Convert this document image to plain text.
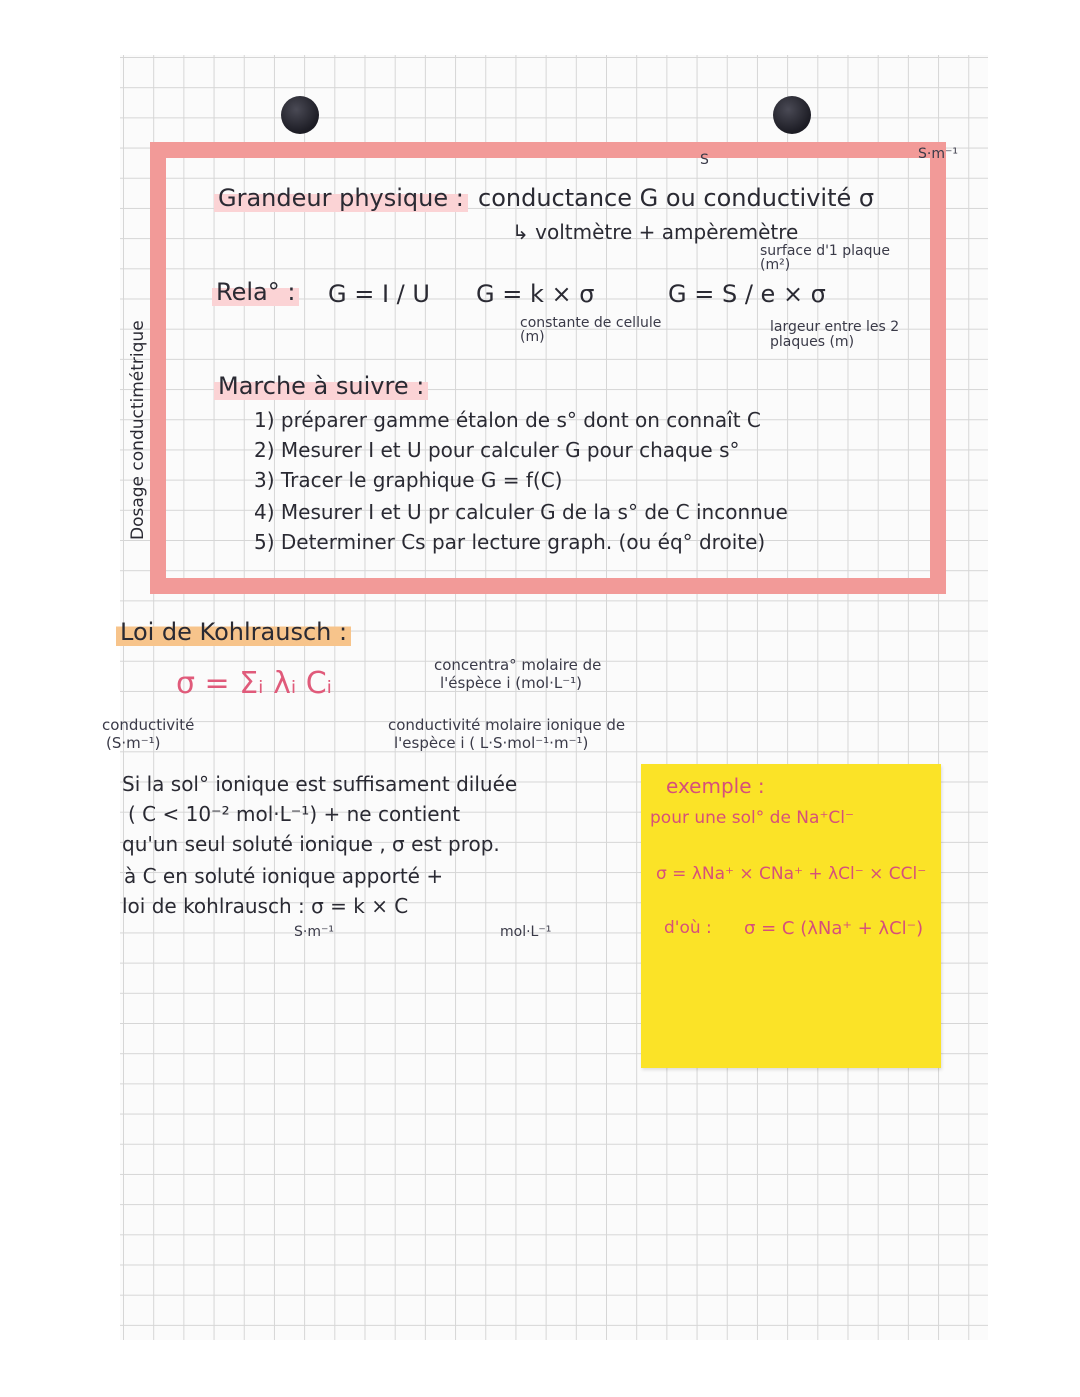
Dosage conductimétrique
Grandeur physique : conductance G ou conductivité σ
S	S·m⁻¹
↳ voltmètre + ampèremètre
Rela° : G = I / U G = k × σ
constante de cellule (m)
G = S / e × σ
surface d'1 plaque (m²)
largeur entre les 2 plaques (m)
Marche à suivre :
1) préparer gamme étalon de s° dont on connaît C
2) Mesurer I et U pour calculer G pour chaque s°
3) Tracer le graphique G = f(C)
4) Mesurer I et U pr calculer G de la s° de C inconnue
5) Determiner Cs par lecture graph. (ou éq° droite)
Loi de Kohlrausch :
σ = Σᵢ λᵢ Cᵢ
concentra° molaire de
l'éspèce i (mol·L⁻¹)
conductivité
(S·m⁻¹)
conductivité molaire ionique de
l'espèce i ( L·S·mol⁻¹·m⁻¹)
Si la sol° ionique est suffisament diluée
( C < 10⁻² mol·L⁻¹) + ne contient
qu'un seul soluté ionique , σ est prop.
à C en soluté ionique apporté +
loi de kohlrausch : σ = k × C
S·m⁻¹	mol·L⁻¹
exemple :
pour une sol° de Na⁺Cl⁻
σ = λNa⁺ × CNa⁺ + λCl⁻ × CCl⁻
d'où : σ = C (λNa⁺ + λCl⁻)
